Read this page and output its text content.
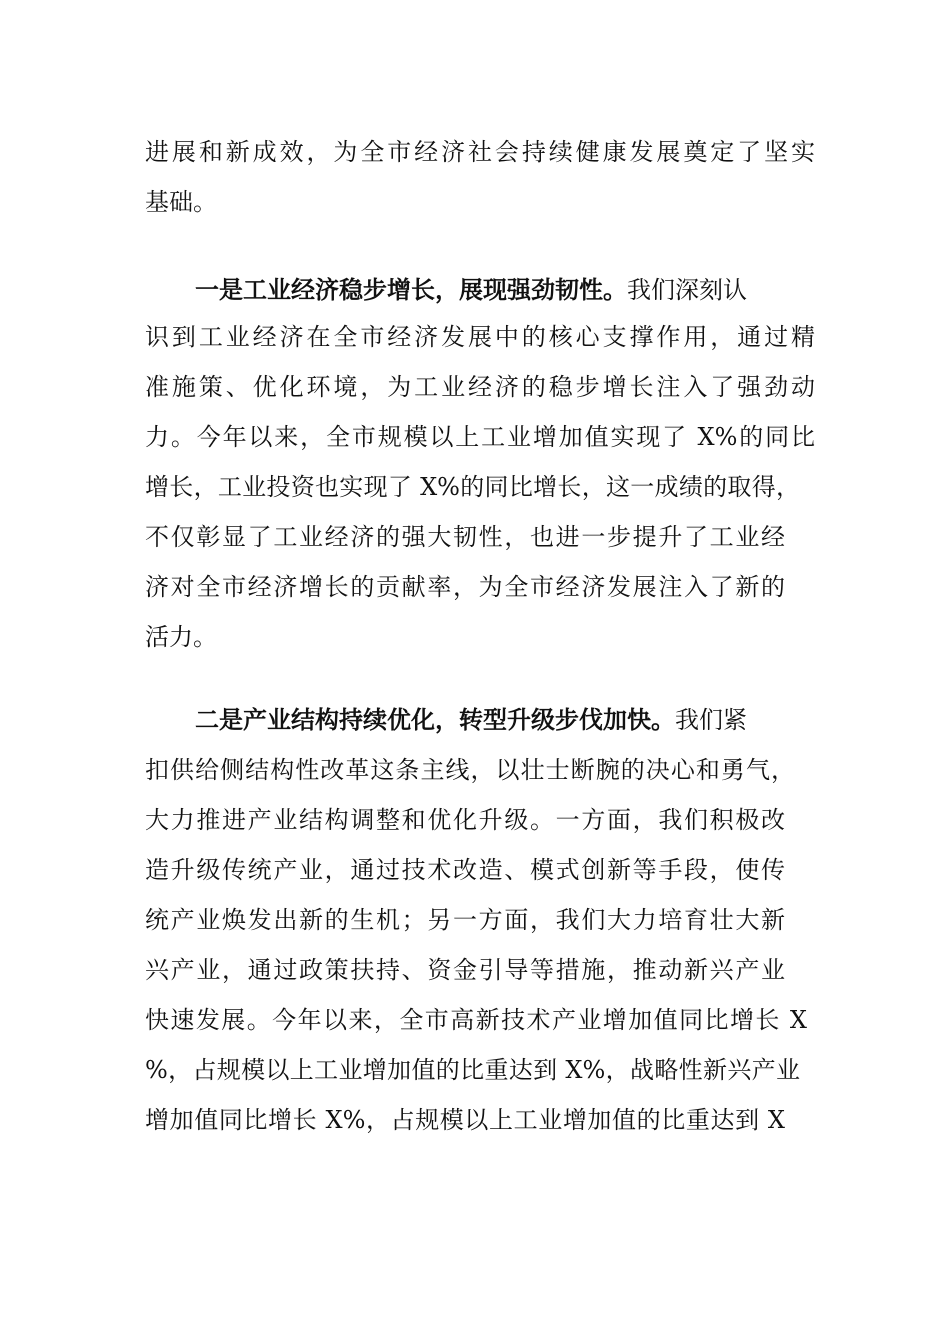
进展和新成效，为全市经济社会持续健康发展奠定了坚实
基础。
一是工业经济稳步增长，展现强劲韧性。我们深刻认
识到工业经济在全市经济发展中的核心支撑作用，通过精
准施策、优化环境，为工业经济的稳步增长注入了强劲动
力。今年以来，全市规模以上工业增加值实现了 X%的同比
增长，工业投资也实现了 X%的同比增长，这一成绩的取得，
不仅彰显了工业经济的强大韧性，也进一步提升了工业经
济对全市经济增长的贡献率，为全市经济发展注入了新的
活力。
二是产业结构持续优化，转型升级步伐加快。我们紧
扣供给侧结构性改革这条主线，以壮士断腕的决心和勇气，
大力推进产业结构调整和优化升级。一方面，我们积极改
造升级传统产业，通过技术改造、模式创新等手段，使传
统产业焕发出新的生机；另一方面，我们大力培育壮大新
兴产业，通过政策扶持、资金引导等措施，推动新兴产业
快速发展。今年以来，全市高新技术产业增加值同比增长 X
%，占规模以上工业增加值的比重达到 X%，战略性新兴产业
增加值同比增长 X%，占规模以上工业增加值的比重达到 X
